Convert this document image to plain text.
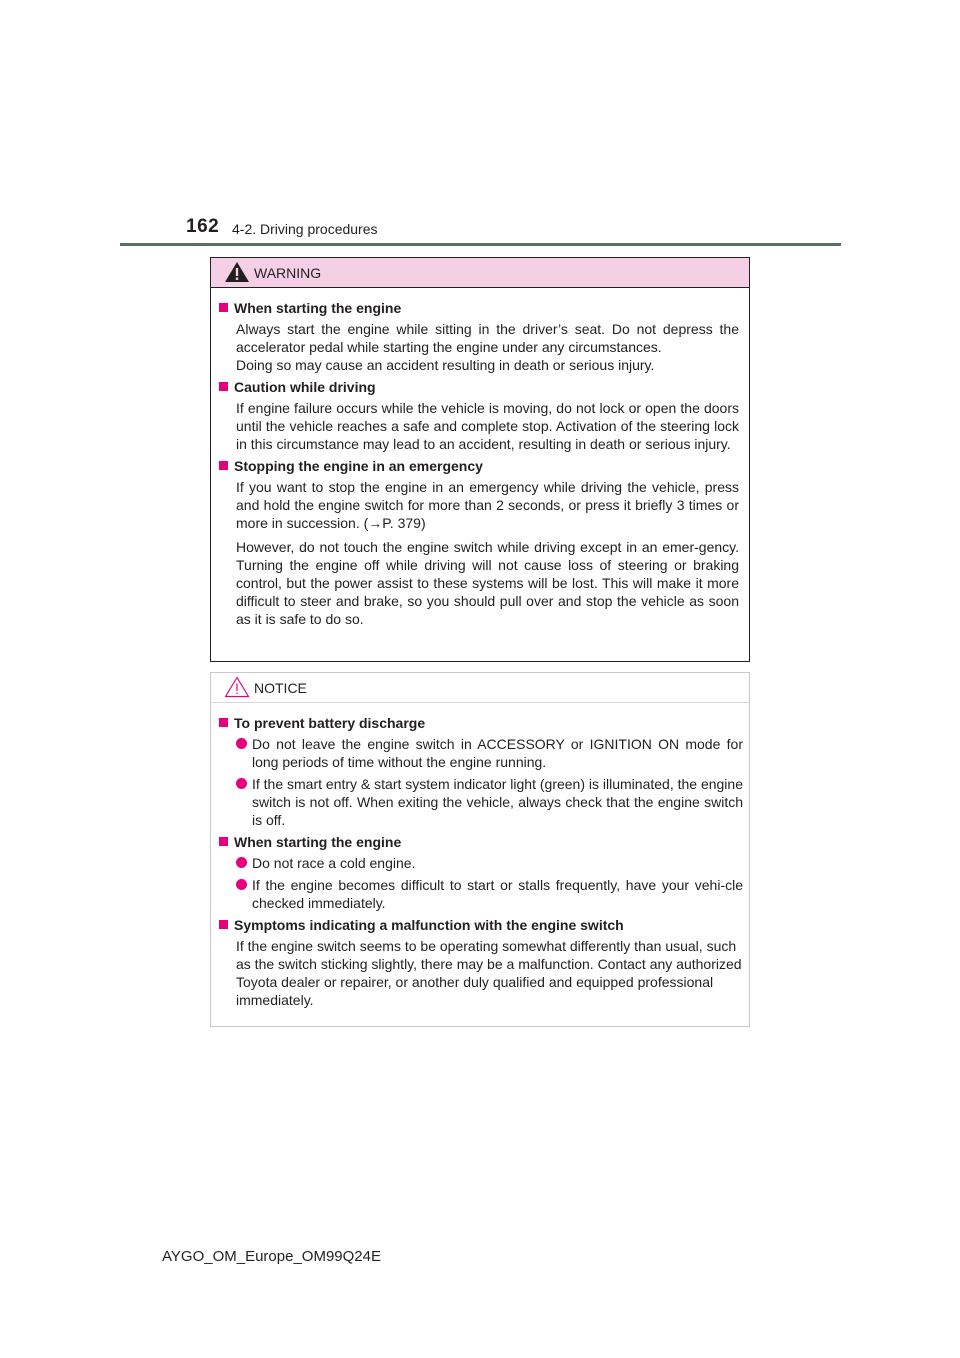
162 4-2. Driving procedures
WARNING
When starting the engine
Always start the engine while sitting in the driver’s seat. Do not depress the accelerator pedal while starting the engine under any circumstances.
Doing so may cause an accident resulting in death or serious injury.
Caution while driving
If engine failure occurs while the vehicle is moving, do not lock or open the doors until the vehicle reaches a safe and complete stop. Activation of the steering lock in this circumstance may lead to an accident, resulting in death or serious injury.
Stopping the engine in an emergency
If you want to stop the engine in an emergency while driving the vehicle, press and hold the engine switch for more than 2 seconds, or press it briefly 3 times or more in succession. (→P. 379)
However, do not touch the engine switch while driving except in an emer-gency. Turning the engine off while driving will not cause loss of steering or braking control, but the power assist to these systems will be lost. This will make it more difficult to steer and brake, so you should pull over and stop the vehicle as soon as it is safe to do so.
NOTICE
To prevent battery discharge
Do not leave the engine switch in ACCESSORY or IGNITION ON mode for long periods of time without the engine running.
If the smart entry & start system indicator light (green) is illuminated, the engine switch is not off. When exiting the vehicle, always check that the engine switch is off.
When starting the engine
Do not race a cold engine.
If the engine becomes difficult to start or stalls frequently, have your vehi-cle checked immediately.
Symptoms indicating a malfunction with the engine switch
If the engine switch seems to be operating somewhat differently than usual, such as the switch sticking slightly, there may be a malfunction. Contact any authorized Toyota dealer or repairer, or another duly qualified and equipped professional immediately.
AYGO_OM_Europe_OM99Q24E
